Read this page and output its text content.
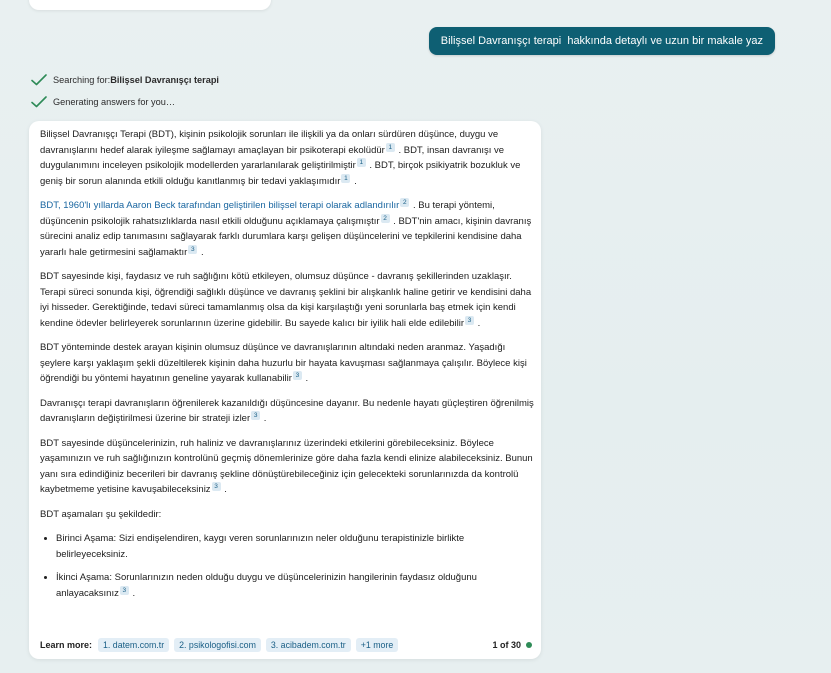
Bilişsel Davranışçı terapi  hakkında detaylı ve uzun bir makale yaz
Searching for: Bilişsel Davranışçı terapi
Generating answers for you…

Bilişsel Davranışçı Terapi (BDT), kişinin psikolojik sorunları ile ilişkili ya da onları sürdüren düşünce, duygu ve davranışlarını hedef alarak iyileşme sağlamayı amaçlayan bir psikoterapi ekolüdür 1 . BDT, insan davranışı ve duygulanımını inceleyen psikolojik modellerden yararlanılarak geliştirilmiştir 1 . BDT, birçok psikiyatrik bozukluk ve geniş bir sorun alanında etkili olduğu kanıtlanmış bir tedavi yaklaşımıdır 1 .

BDT, 1960'lı yıllarda Aaron Beck tarafından geliştirilen bilişsel terapi olarak adlandırılır 2 . Bu terapi yöntemi, düşüncenin psikolojik rahatsızlıklarda nasıl etkili olduğunu açıklamaya çalışmıştır 2 . BDT'nin amacı, kişinin davranış sürecini analiz edip tanımasını sağlayarak farklı durumlara karşı gelişen düşüncelerini ve tepkilerini kendisine daha yararlı hale getirmesini sağlamaktır 3 .

BDT sayesinde kişi, faydasız ve ruh sağlığını kötü etkileyen, olumsuz düşünce - davranış şekillerinden uzaklaşır. Terapi süreci sonunda kişi, öğrendiği sağlıklı düşünce ve davranış şeklini bir alışkanlık haline getirir ve kendisini daha iyi hisseder. Gerektiğinde, tedavi süreci tamamlanmış olsa da kişi karşılaştığı yeni sorunlarla baş etmek için kendi kendine ödevler belirleyerek sorunlarının üzerine gidebilir. Bu sayede kalıcı bir iyilik hali elde edilebilir 3 .

BDT yönteminde destek arayan kişinin olumsuz düşünce ve davranışlarının altındaki neden aranmaz. Yaşadığı şeylere karşı yaklaşım şekli düzeltilerek kişinin daha huzurlu bir hayata kavuşması sağlanmaya çalışılır. Böylece kişi öğrendiği bu yöntemi hayatının geneline yayarak kullanabilir 3 .

Davranışçı terapi davranışların öğrenilerek kazanıldığı düşüncesine dayanır. Bu nedenle hayatı güçleştiren öğrenilmiş davranışların değiştirilmesi üzerine bir strateji izler 3 .

BDT sayesinde düşüncelerinizin, ruh haliniz ve davranışlarınız üzerindeki etkilerini görebileceksiniz. Böylece yaşamınızın ve ruh sağlığınızın kontrolünü geçmiş dönemlerinize göre daha fazla kendi elinize alabileceksiniz. Bunun yanı sıra edindiğiniz becerileri bir davranış şekline dönüştürebileceğiniz için gelecekteki sorunlarınızda da kontrolü kaybetmeme yetisine kavuşabileceksiniz 3 .

BDT aşamaları şu şekildedir:

• Birinci Aşama: Sizi endişelendiren, kaygı veren sorunlarınızın neler olduğunu terapistinizle birlikte belirleyeceksiniz.
• İkinci Aşama: Sorunlarınızın neden olduğu duygu ve düşüncelerinizin hangilerinin faydasız olduğunu anlayacaksınız 3 .
Learn more:	1. datem.com.tr	2. psikologofisi.com	3. acibadem.com.tr	+1 more	1 of 30
